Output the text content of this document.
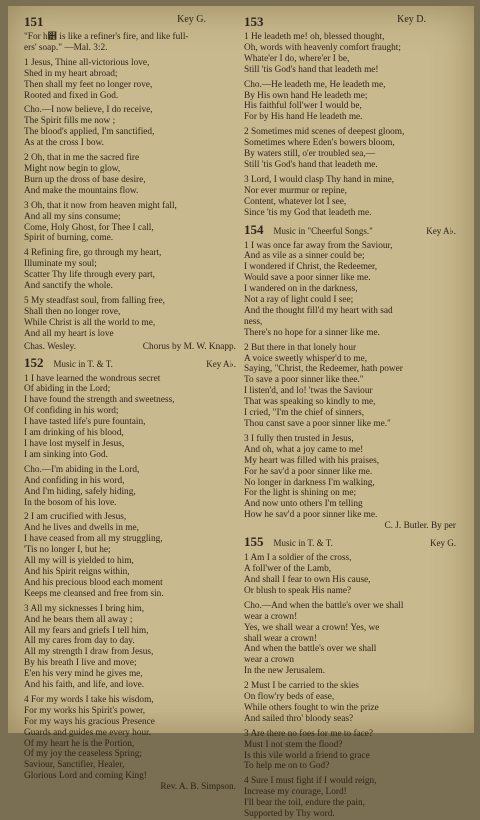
151	Key G.
"For h୾ is like a refiner's fire, and like full-
ers' soap." —Mal. 3:2.
1 Jesus, Thine all-victorious love,
Shed in my heart abroad;
Then shall my feet no longer rove,
Rooted and fixed in God.
Cho.—I now believe, I do receive,
The Spirit fills me now ;
The blood's applied, I'm sanctified,
As at the cross I bow.
2 Oh, that in me the sacred fire
Might now begin to glow,
Burn up the dross of base desire,
And make the mountains flow.
3 Oh, that it now from heaven might fall,
And all my sins consume;
Come, Holy Ghost, for Thee I call,
Spirit of burning, come.
4 Refining fire, go through my heart,
Illuminate my soul;
Scatter Thy life through every part,
And sanctify the whole.
5 My steadfast soul, from falling free,
Shall then no longer rove,
While Christ is all the world to me,
And all my heart is love
Chas. Wesley.	Chorus by M. W. Knapp.
152 Music in T. & T.	Key A♭.
1 I have learned the wondrous secret
Of abiding in the Lord;
I have found the strength and sweetness,
Of confiding in his word;
I have tasted life's pure fountain,
I am drinking of his blood,
I have lost myself in Jesus,
I am sinking into God.
Cho.—I'm abiding in the Lord,
And confiding in his word,
And I'm hiding, safely hiding,
In the bosom of his love.
2 I am crucified with Jesus,
And he lives and dwells in me,
I have ceased from all my struggling,
'Tis no longer I, but he;
All my will is yielded to him,
And his Spirit reigns within,
And his precious blood each moment
Keeps me cleansed and free from sin.
3 All my sicknesses I bring him,
And he bears them all away ;
All my fears and griefs I tell him,
All my cares from day to day.
All my strength I draw from Jesus,
By his breath I live and move;
E'en his very mind he gives me,
And his faith, and life, and love.
4 For my words I take his wisdom,
For my works his Spirit's power,
For my ways his gracious Presence
Guards and guides me every hour.
Of my heart he is the Portion,
Of my joy the ceaseless Spring;
Saviour, Sanctifier, Healer,
Glorious Lord and coming King!
Rev. A. B. Simpson.
153	Key D.
1 He leadeth me! oh, blessed thought,
Oh, words with heavenly comfort fraught;
Whate'er I do, where'er I be,
Still 'tis God's hand that leadeth me!
Cho.—He leadeth me, He leadeth me,
By His own hand He leadeth me;
His faithful foll'wer I would be,
For by His hand He leadeth me.
2 Sometimes mid scenes of deepest gloom,
Sometimes where Eden's bowers bloom,
By waters still, o'er troubled sea,—
Still 'tis God's hand that leadeth me.
3 Lord, I would clasp Thy hand in mine,
Nor ever murmur or repine,
Content, whatever lot I see,
Since 'tis my God that leadeth me.
154 Music in "Cheerful Songs."	Key A♭.
1 I was once far away from the Saviour,
And as vile as a sinner could be;
I wondered if Christ, the Redeemer,
Would save a poor sinner like me.
I wandered on in the darkness,
Not a ray of light could I see;
And the thought fill'd my heart with sad
ness,
There's no hope for a sinner like me.
2 But there in that lonely hour
A voice sweetly whisper'd to me,
Saying, "Christ, the Redeemer, hath power
To save a poor sinner like thee."
I listen'd, and lo! 'twas the Saviour
That was speaking so kindly to me,
I cried, "I'm the chief of sinners,
Thou canst save a poor sinner like me."
3 I fully then trusted in Jesus,
And oh, what a joy came to me!
My heart was filled with his praises,
For he sav'd a poor sinner like me.
No longer in darkness I'm walking,
For the light is shining on me;
And now unto others I'm telling
How he sav'd a poor sinner like me.
C. J. Butler. By per
155 Music in T. & T.	Key G.
1 Am I a soldier of the cross,
A foll'wer of the Lamb,
And shall I fear to own His cause,
Or blush to speak His name?
Cho.—And when the battle's over we shall
wear a crown!
Yes, we shall wear a crown! Yes, we
shall wear a crown!
And when the battle's over we shall
wear a crown
In the new Jerusalem.
2 Must I be carried to the skies
On flow'ry beds of ease,
While others fought to win the prize
And sailed thro' bloody seas?
3 Are there no foes for me to face?
Must I not stem the flood?
Is this vile world a friend to grace
To help me on to God?
4 Sure I must fight if I would reign,
Increase my courage, Lord!
I'll bear the toil, endure the pain,
Supported by Thy word.
